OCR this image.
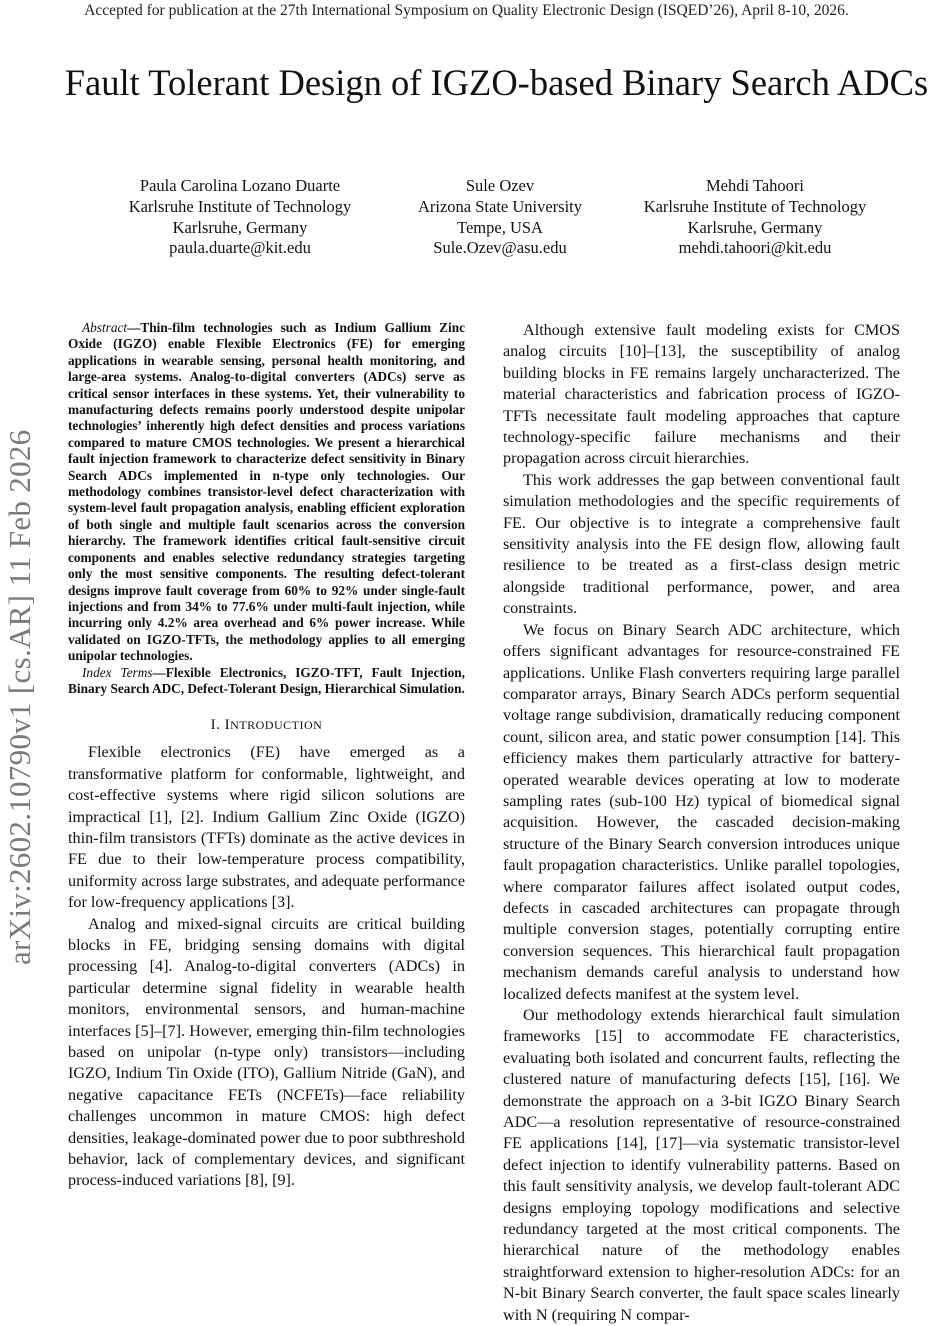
Accepted for publication at the 27th International Symposium on Quality Electronic Design (ISQED’26), April 8-10, 2026.
arXiv:2602.10790v1 [cs.AR] 11 Feb 2026
Fault Tolerant Design of IGZO-based Binary Search ADCs
Paula Carolina Lozano Duarte
Karlsruhe Institute of Technology
Karlsruhe, Germany
paula.duarte@kit.edu
Sule Ozev
Arizona State University
Tempe, USA
Sule.Ozev@asu.edu
Mehdi Tahoori
Karlsruhe Institute of Technology
Karlsruhe, Germany
mehdi.tahoori@kit.edu

Abstract—Thin-film technologies such as Indium Gallium Zinc Oxide (IGZO) enable Flexible Electronics (FE) for emerging applications in wearable sensing, personal health monitoring, and large-area systems. Analog-to-digital converters (ADCs) serve as critical sensor interfaces in these systems. Yet, their vulnerability to manufacturing defects remains poorly understood despite unipolar technologies’ inherently high defect densities and process variations compared to mature CMOS technologies. We present a hierarchical fault injection framework to characterize defect sensitivity in Binary Search ADCs implemented in n-type only technologies. Our methodology combines transistor-level defect characterization with system-level fault propagation analysis, enabling efficient exploration of both single and multiple fault scenarios across the conversion hierarchy. The framework identifies critical fault-sensitive circuit components and enables selective redundancy strategies targeting only the most sensitive components. The resulting defect-tolerant designs improve fault coverage from 60% to 92% under single-fault injections and from 34% to 77.6% under multi-fault injection, while incurring only 4.2% area overhead and 6% power increase. While validated on IGZO-TFTs, the methodology applies to all emerging unipolar technologies.

Index Terms—Flexible Electronics, IGZO-TFT, Fault Injection, Binary Search ADC, Defect-Tolerant Design, Hierarchical Simulation.

I. INTRODUCTION

Flexible electronics (FE) have emerged as a transformative platform for conformable, lightweight, and cost-effective systems where rigid silicon solutions are impractical [1], [2]. Indium Gallium Zinc Oxide (IGZO) thin-film transistors (TFTs) dominate as the active devices in FE due to their low-temperature process compatibility, uniformity across large substrates, and adequate performance for low-frequency applications [3].

Analog and mixed-signal circuits are critical building blocks in FE, bridging sensing domains with digital processing [4]. Analog-to-digital converters (ADCs) in particular determine signal fidelity in wearable health monitors, environmental sensors, and human-machine interfaces [5]–[7]. However, emerging thin-film technologies based on unipolar (n-type only) transistors—including IGZO, Indium Tin Oxide (ITO), Gallium Nitride (GaN), and negative capacitance FETs (NCFETs)—face reliability challenges uncommon in mature CMOS: high defect densities, leakage-dominated power due to poor subthreshold behavior, lack of complementary devices, and significant process-induced variations [8], [9].

Although extensive fault modeling exists for CMOS analog circuits [10]–[13], the susceptibility of analog building blocks in FE remains largely uncharacterized. The material characteristics and fabrication process of IGZO-TFTs necessitate fault modeling approaches that capture technology-specific failure mechanisms and their propagation across circuit hierarchies.

This work addresses the gap between conventional fault simulation methodologies and the specific requirements of FE. Our objective is to integrate a comprehensive fault sensitivity analysis into the FE design flow, allowing fault resilience to be treated as a first-class design metric alongside traditional performance, power, and area constraints.

We focus on Binary Search ADC architecture, which offers significant advantages for resource-constrained FE applications. Unlike Flash converters requiring large parallel comparator arrays, Binary Search ADCs perform sequential voltage range subdivision, dramatically reducing component count, silicon area, and static power consumption [14]. This efficiency makes them particularly attractive for battery-operated wearable devices operating at low to moderate sampling rates (sub-100 Hz) typical of biomedical signal acquisition. However, the cascaded decision-making structure of the Binary Search conversion introduces unique fault propagation characteristics. Unlike parallel topologies, where comparator failures affect isolated output codes, defects in cascaded architectures can propagate through multiple conversion stages, potentially corrupting entire conversion sequences. This hierarchical fault propagation mechanism demands careful analysis to understand how localized defects manifest at the system level.

Our methodology extends hierarchical fault simulation frameworks [15] to accommodate FE characteristics, evaluating both isolated and concurrent faults, reflecting the clustered nature of manufacturing defects [15], [16]. We demonstrate the approach on a 3-bit IGZO Binary Search ADC—a resolution representative of resource-constrained FE applications [14], [17]—via systematic transistor-level defect injection to identify vulnerability patterns. Based on this fault sensitivity analysis, we develop fault-tolerant ADC designs employing topology modifications and selective redundancy targeted at the most critical components. The hierarchical nature of the methodology enables straightforward extension to higher-resolution ADCs: for an N-bit Binary Search converter, the fault space scales linearly with N (requiring N compar-
